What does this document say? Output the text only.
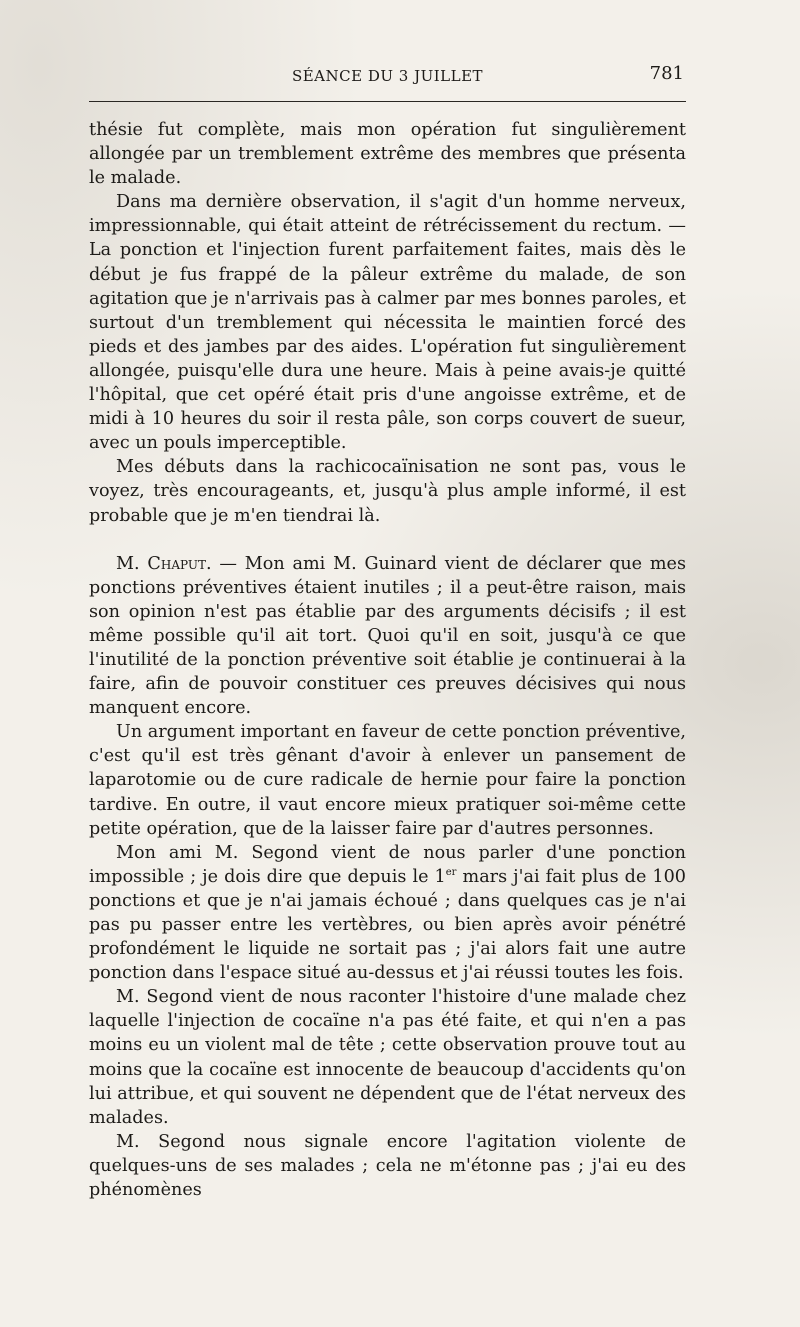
SÉANCE DU 3 JUILLET	781

thésie fut complète, mais mon opération fut singulièrement allongée par un tremblement extrême des membres que présenta le malade.

Dans ma dernière observation, il s'agit d'un homme nerveux, impressionnable, qui était atteint de rétrécissement du rectum. — La ponction et l'injection furent parfaitement faites, mais dès le début je fus frappé de la pâleur extrême du malade, de son agitation que je n'arrivais pas à calmer par mes bonnes paroles, et surtout d'un tremblement qui nécessita le maintien forcé des pieds et des jambes par des aides. L'opération fut singulièrement allongée, puisqu'elle dura une heure. Mais à peine avais-je quitté l'hôpital, que cet opéré était pris d'une angoisse extrême, et de midi à 10 heures du soir il resta pâle, son corps couvert de sueur, avec un pouls imperceptible.

Mes débuts dans la rachicocaïnisation ne sont pas, vous le voyez, très encourageants, et, jusqu'à plus ample informé, il est probable que je m'en tiendrai là.

M. Chaput. — Mon ami M. Guinard vient de déclarer que mes ponctions préventives étaient inutiles ; il a peut-être raison, mais son opinion n'est pas établie par des arguments décisifs ; il est même possible qu'il ait tort. Quoi qu'il en soit, jusqu'à ce que l'inutilité de la ponction préventive soit établie je continuerai à la faire, afin de pouvoir constituer ces preuves décisives qui nous manquent encore.

Un argument important en faveur de cette ponction préventive, c'est qu'il est très gênant d'avoir à enlever un pansement de laparotomie ou de cure radicale de hernie pour faire la ponction tardive. En outre, il vaut encore mieux pratiquer soi-même cette petite opération, que de la laisser faire par d'autres personnes.

Mon ami M. Segond vient de nous parler d'une ponction impossible ; je dois dire que depuis le 1er mars j'ai fait plus de 100 ponctions et que je n'ai jamais échoué ; dans quelques cas je n'ai pas pu passer entre les vertèbres, ou bien après avoir pénétré profondément le liquide ne sortait pas ; j'ai alors fait une autre ponction dans l'espace situé au-dessus et j'ai réussi toutes les fois.

M. Segond vient de nous raconter l'histoire d'une malade chez laquelle l'injection de cocaïne n'a pas été faite, et qui n'en a pas moins eu un violent mal de tête ; cette observation prouve tout au moins que la cocaïne est innocente de beaucoup d'accidents qu'on lui attribue, et qui souvent ne dépendent que de l'état nerveux des malades.

M. Segond nous signale encore l'agitation violente de quelques-uns de ses malades ; cela ne m'étonne pas ; j'ai eu des phénomènes
